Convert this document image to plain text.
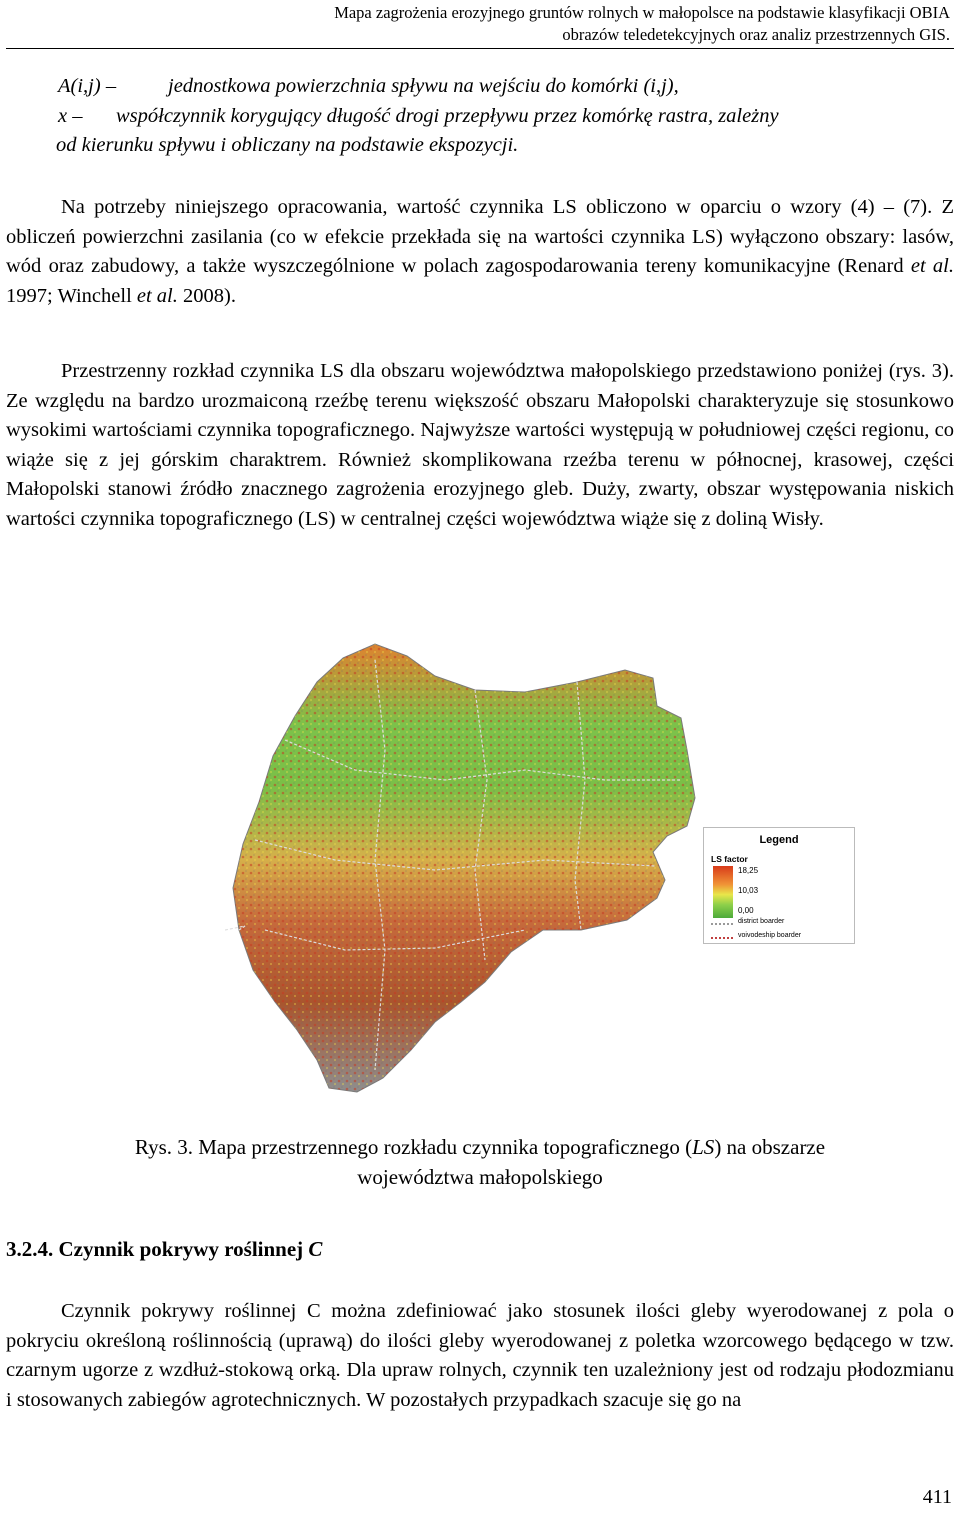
Mapa zagrożenia erozyjnego gruntów rolnych w małopolsce na podstawie klasyfikacji OBIA
obrazów teledetekcyjnych oraz analiz przestrzennych GIS.
A(i,j) –	jednostkowa powierzchnia spływu na wejściu do komórki (i,j),
x – współczynnik korygujący długość drogi przepływu przez komórkę rastra, zależny
od kierunku spływu i obliczany na podstawie ekspozycji.

Na potrzeby niniejszego opracowania, wartość czynnika LS obliczono w oparciu o wzory (4) – (7). Z obliczeń powierzchni zasilania (co w efekcie przekłada się na wartości czynnika LS) wyłączono obszary: lasów, wód oraz zabudowy, a także wyszczególnione w polach zagospodarowania tereny komunikacyjne (Renard et al. 1997; Winchell et al. 2008).

Przestrzenny rozkład czynnika LS dla obszaru województwa małopolskiego przedstawiono poniżej (rys. 3). Ze względu na bardzo urozmaiconą rzeźbę terenu większość obszaru Małopolski charakteryzuje się stosunkowo wysokimi wartościami czynnika topograficznego. Najwyższe wartości występują w południowej części regionu, co wiąże się z jej górskim charaktrem. Również skomplikowana rzeźba terenu w północnej, krasowej, części Małopolski stanowi źródło znacznego zagrożenia erozyjnego gleb. Duży, zwarty, obszar występowania niskich wartości czynnika topograficznego (LS) w centralnej części województwa wiąże się z doliną Wisły.

Legend
LS factor
18,25
10,03
0,00
district boarder
voivodeship boarder
Rys. 3. Mapa przestrzennego rozkładu czynnika topograficznego (LS) na obszarze
województwa małopolskiego
3.2.4. Czynnik pokrywy roślinnej C

Czynnik pokrywy roślinnej C można zdefiniować jako stosunek ilości gleby wyerodowanej z pola o pokryciu określoną roślinnością (uprawą) do ilości gleby wyerodowanej z poletka wzorcowego będącego w tzw. czarnym ugorze z wzdłuż-stokową orką. Dla upraw rolnych, czynnik ten uzależniony jest od rodzaju płodozmianu i stosowanych zabiegów agrotechnicznych. W pozostałych przypadkach szacuje się go na

411
